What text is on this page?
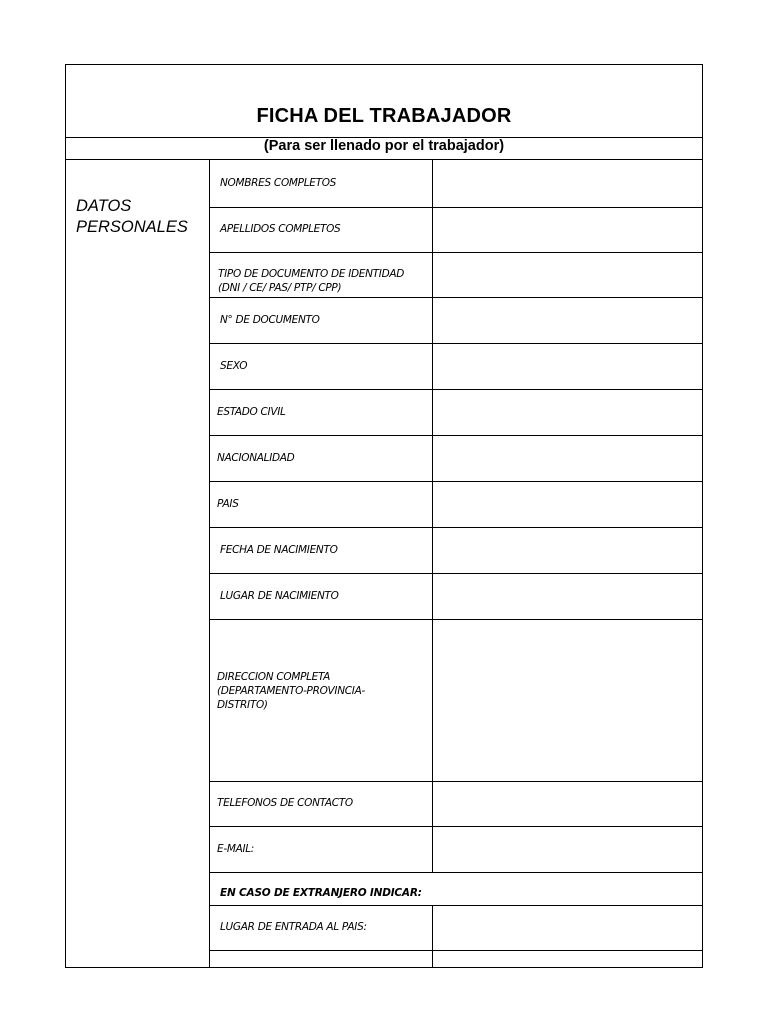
FICHA DEL TRABAJADOR
(Para ser llenado por el trabajador)
DATOS
PERSONALES
NOMBRES COMPLETOS
APELLIDOS COMPLETOS
TIPO DE DOCUMENTO DE IDENTIDAD
(DNI / CE/ PAS/ PTP/ CPP)
N° DE DOCUMENTO
SEXO
ESTADO CIVIL
NACIONALIDAD
PAIS
FECHA DE NACIMIENTO
LUGAR DE NACIMIENTO
DIRECCION COMPLETA
(DEPARTAMENTO-PROVINCIA-
DISTRITO)
TELEFONOS DE CONTACTO
E-MAIL:
EN CASO DE EXTRANJERO INDICAR:
LUGAR DE ENTRADA AL PAIS:
